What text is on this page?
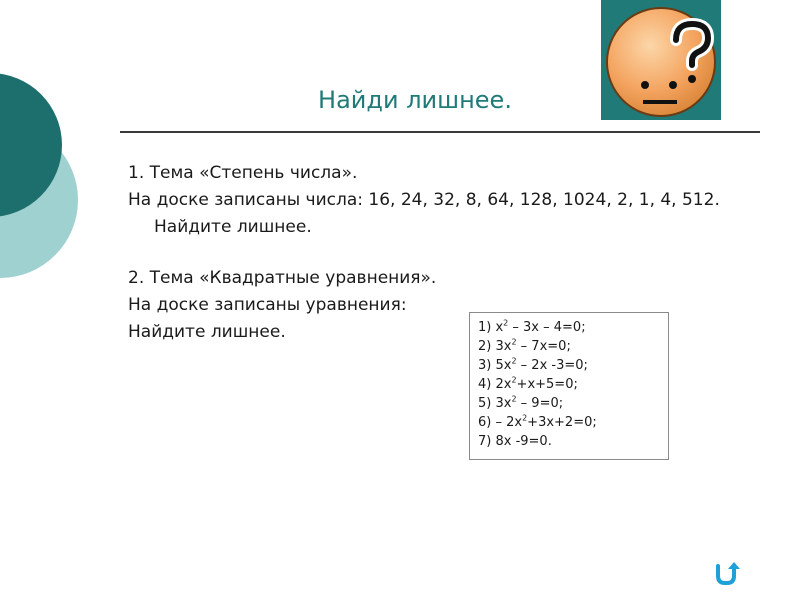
Найди лишнее.

1. Тема «Степень числа».

На доске записаны числа: 16, 24, 32, 8, 64, 128, 1024, 2, 1, 4, 512. Найдите лишнее.

2. Тема «Квадратные уравнения».

На доске записаны уравнения:

Найдите лишнее.	1) $x^2 - 3x - 4=0$;
2) $3x^2 - 7x=0$;
3) $5x^2 - 2x$ -3=0;
4) $2x^2+x+5=0$;
5) $3x^2 - 9=0$;
$6) - 2x^2+3x+2=0$;
7) 8x -9=0.
